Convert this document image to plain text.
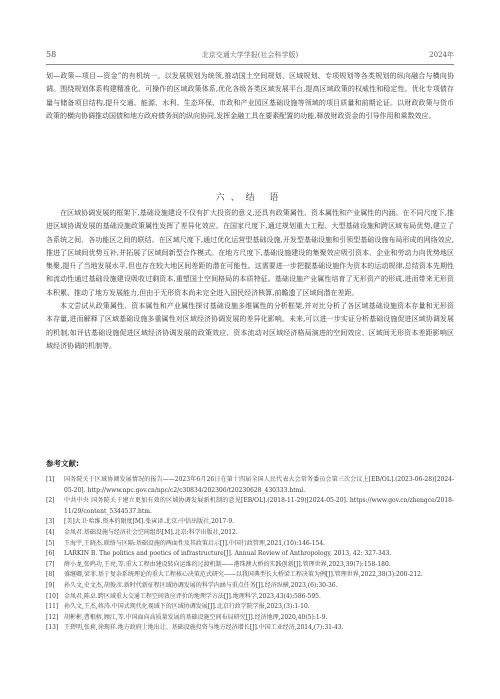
58	北京交通大学学报(社会科学版)	2024年

划—政策—项目—资金”的有机统一。以发展规划为统领,推动国土空间规划、区域规划、专项规划等各类规划的纵向融合与横向协调。围绕规划体系构建精准化、可操作的区域政策体系,优化各级各类区域发展平台,提高区域政策的权威性和稳定性。优化专项债存量与储备项目结构,提升交通、能源、水利、生态环保、市政和产业园区基础设施等领域的项目质量和前期论证。以财政政策与货币政策的横向协调推动国债和地方政府债务间的纵向协同,发挥金融工具在要素配置的功能,释放财政资金的引导作用和乘数效应。

六、结 语

在区域协调发展的框架下,基础设施建设不仅有扩大投资的意义,还具有政策属性、资本属性和产业属性的内涵。在不同尺度下,推进区域协调发展的基础设施政策属性发挥了差异化效应。在国家尺度下,通过规划重大工程、大型基础设施和跨区域布局优势,建立了各系统之间、各功能区之间的联结。在区域尺度下,通过优化运营型基础设施,开发型基础设施和引领型基础设施布局形成的网络效应,推进了区域间优势互补,并拓展了区域间新型合作模式。在地方尺度下,基础设施建设的集聚效应吸引资本、企业和劳动力向优势地区集聚,提升了当地发展水平,但也存在较大地区间差距的潜在可能性。这需要进一步把握基础设施作为资本的运动规律,总结资本先期性和流动性通过基础设施建设吸收过剩资本,重塑国土空间格局的本质特征。基础设施产业属性培育了无形资产的形成,进而带来无形资本积累、推动了地方发展能力,但由于无形资本尚未完全进入国民经济核算,前瞻遗了区域间潜在差距。

本文尝试从政策属性、资本属性和产业属性探讨基础设施多维属性的分析框架,并对比分析了各区域基础设施资本存量和无形资本存量,进而解释了区域基础设施多重属性对区域经济协调发展的差异化影响。未来,可以进一步实证分析基础设施促进区域协调发展的机制,如评估基础设施促进区域经济协调发展的政策效应、资本流动对区域经济格局演进的空间效应、区域间无形资本差距影响区域经济协调的机制等。

参考文献:
[1] 国务院关于区域协调发展情况的报告——2023年6月26日在第十四届全国人民代表大会常务委员会第三次会议上[EB/OL].(2023-06-28)[2024-05-20]. http://www.npc.gov.cn/npc/c2/c30834/202306/t20230628_430333.html.
[2] 中共中央 国务院关于建立更加有效的区域协调发展新机制的意见[EB/OL].(2018-11-29)[2024-05-20]. https://www.gov.cn/zhengce/2018-11/29/content_5344537.htm.
[3] [美]大卫·哈维.资本的限度[M].张寅译.北京:中信出版社,2017-9.
[4] 金凤君.基础设施与经济社会空间组织[M].北京:科学出版社,2012.
[5] 王海宇,王晓杰.联络与区隔:基础设施的两面性及其政策启示[J].中国行政管理,2021,(10):146-154.
[6] LARKIN B. The politics and poetics of infrastructure[J]. Annual Review of Anthropology, 2013, 42: 327-343.
[7] 薛小龙,张鸣功,王亮,等.重大工程由建设转向运维的过渡机制——港珠澳大桥的实践创新[J].管理世界,2023,39(7):158-180.
[8] 盛继卿,梁菲.基于复杂系统理论的重大工程核心决策范式研究——以我国典型长大桥梁工程决策为例[J].管理世界,2022,38(3):200-212.
[9] 孙久文,史文杰,胡俊彦.新时代新征程区域协调发展的科学内涵与重点任务[J].经济纵横,2023,(6):30-36.
[10] 金凤君,陈卓.跨区域重大交通工程空间效应评价的地理学方法[J].地理科学,2023,43(4):586-595.
[11] 孙久文,王杰,蒋涛.中国式现代化视域下的区域协调发展[J].北京行政学院学报,2023,(3):1-10.
[12] 胡彬彬,曹根榕,顾江,等.中国面向高质量发展的基础设施空间布局研究[J].经济地理,2020,40(5):1-9.
[13] 王碧明,张莉,徐现祥.地方政府土地出让、基础设施投资与地方经济增长[J].中国工业经济,2014,(7):31-43.
